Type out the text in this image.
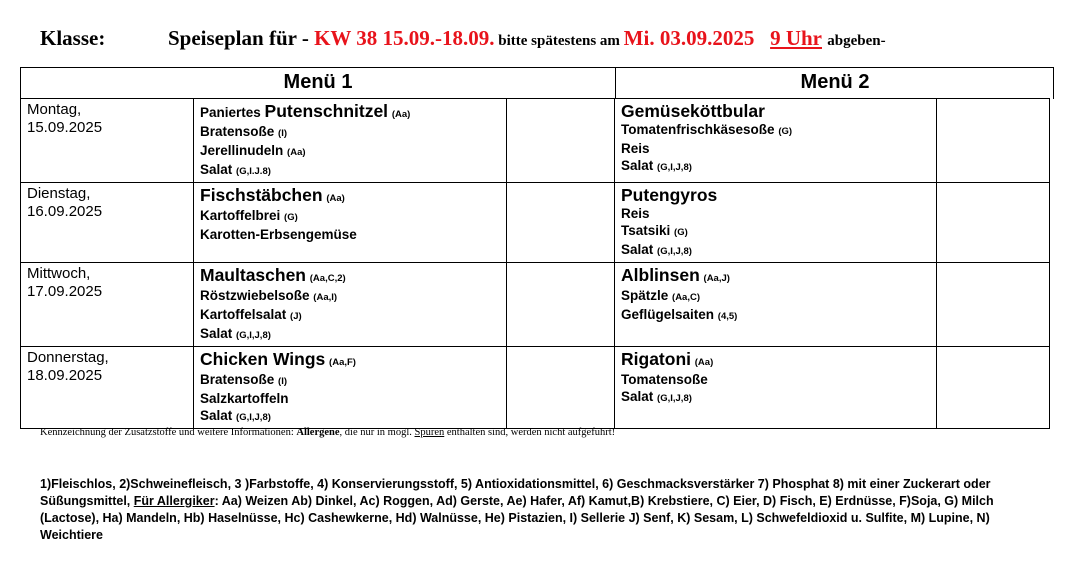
Klasse:	Speiseplan für - KW 38 15.09.-18.09. bitte spätestens am Mi. 03.09.2025 9 Uhr abgeben-
Menü 1	Menü 2
Montag,
15.09.2025	Paniertes Putenschnitzel (Aa)
Bratensoße (I)
Jerellinudeln (Aa)
Salat (G,I.J.8)		Gemüseköttbular
Tomatenfrischkäsesoße (G)
Reis
Salat (G,I,J,8)	

Dienstag,
16.09.2025	Fischstäbchen (Aa)
Kartoffelbrei (G)
Karotten-Erbsengemüse		Putengyros
Reis
Tsatsiki (G)
Salat (G,I,J,8)	

Mittwoch,
17.09.2025	Maultaschen (Aa,C,2)
Röstzwiebelsoße (Aa,I)
Kartoffelsalat (J)
Salat (G,I,J,8)		Alblinsen (Aa,J)
Spätzle (Aa,C)
Geflügelsaiten (4,5)	

Donnerstag,
18.09.2025	Chicken Wings (Aa,F)
Bratensoße (I)
Salzkartoffeln
Salat (G,I,J,8)		Rigatoni (Aa)
Tomatensoße
Salat (G,I,J,8)	

Kennzeichnung der Zusatzstoffe und weitere Informationen: Allergene, die nur in mögl. Spuren enthalten sind, werden nicht aufgeführt!
1)Fleischlos, 2)Schweinefleisch, 3 )Farbstoffe, 4) Konservierungsstoff, 5) Antioxidationsmittel, 6) Geschmacksverstärker 7) Phosphat 8) mit einer Zuckerart oder Süßungsmittel, Für Allergiker: Aa) Weizen Ab) Dinkel, Ac) Roggen, Ad) Gerste, Ae) Hafer, Af) Kamut,B) Krebstiere, C) Eier, D) Fisch, E) Erdnüsse, F)Soja, G) Milch (Lactose), Ha) Mandeln, Hb) Haselnüsse, Hc) Cashewkerne, Hd) Walnüsse, He) Pistazien, I) Sellerie J) Senf, K) Sesam, L) Schwefeldioxid u. Sulfite, M) Lupine, N) Weichtiere
